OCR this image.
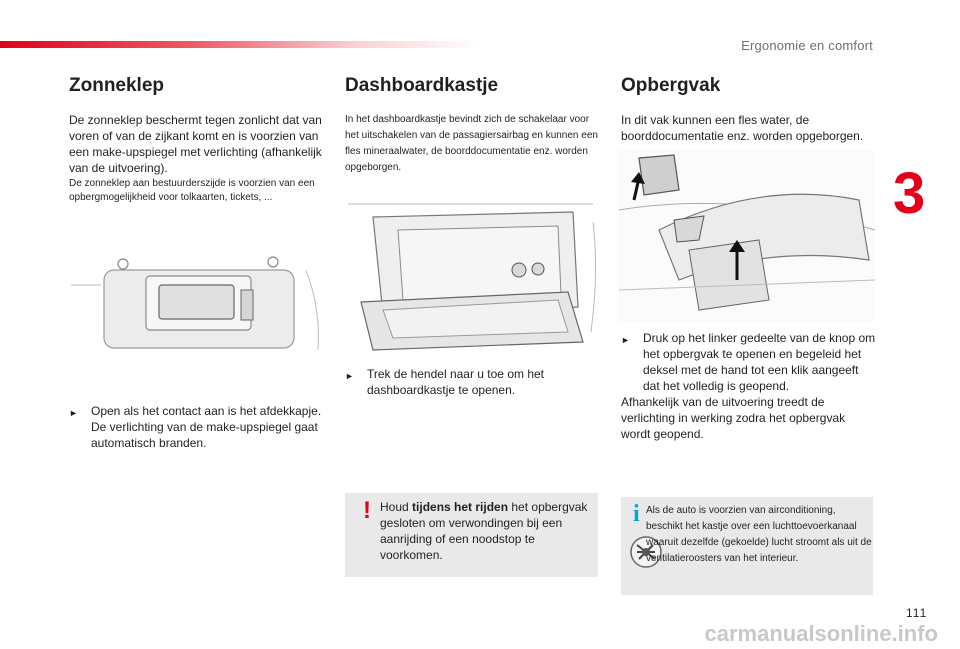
Ergonomie en comfort
3
111
Zonneklep

De zonneklep beschermt tegen zonlicht dat van voren of van de zijkant komt en is voorzien van een make-upspiegel met verlichting (afhankelijk van de uitvoering).

De zonneklep aan bestuurderszijde is voorzien van een opbergmogelijkheid voor tolkaarten, tickets, ...

►	Open als het contact aan is het afdekkapje. De verlichting van de make-upspiegel gaat automatisch branden.
Dashboardkastje

In het dashboardkastje bevindt zich de schakelaar voor het uitschakelen van de passagiersairbag en kunnen een fles mineraalwater, de boorddocumentatie enz. worden opgeborgen.

►	Trek de hendel naar u toe om het dashboardkastje te openen.
! Houd tijdens het rijden het opbergvak gesloten om verwondingen bij een aanrijding of een noodstop te voorkomen.

Opbergvak

In dit vak kunnen een fles water, de boorddocumentatie enz. worden opgeborgen.

►	Druk op het linker gedeelte van de knop om het opbergvak te openen en begeleid het deksel met de hand tot een klik aangeeft dat het volledig is geopend.

Afhankelijk van de uitvoering treedt de verlichting in werking zodra het opbergvak wordt geopend.

i Als de auto is voorzien van airconditioning, beschikt het kastje over een luchttoevoerkanaal waaruit dezelfde (gekoelde) lucht stroomt als uit de ventilatieroosters van het interieur.

carmanualsonline.info
